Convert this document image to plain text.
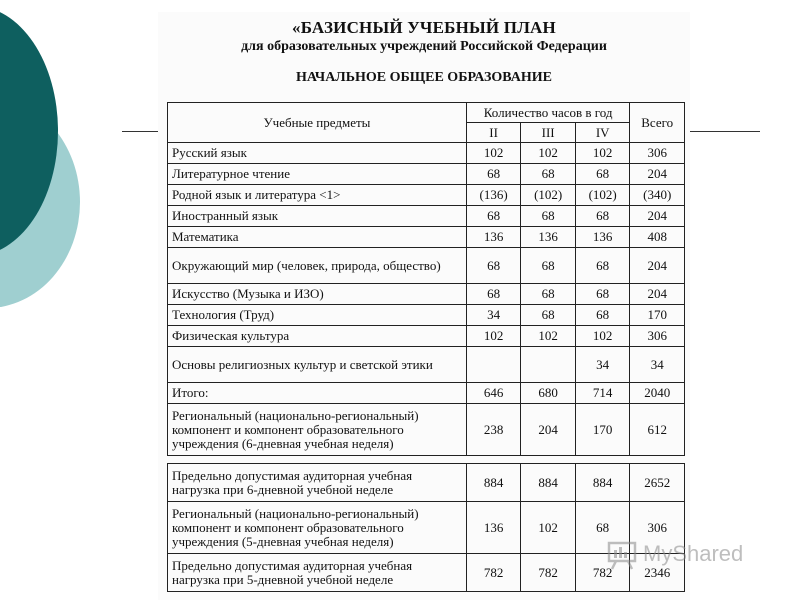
«БАЗИСНЫЙ УЧЕБНЫЙ ПЛАН
для образовательных учреждений Российской Федерации
НАЧАЛЬНОЕ ОБЩЕЕ ОБРАЗОВАНИЕ
Учебные предметы	Количество часов в год			Всего
	II	III	IV	
Русский язык	102	102	102	306
Литературное чтение	68	68	68	204
Родной язык и литература <1>	(136)	(102)	(102)	(340)
Иностранный язык	68	68	68	204
Математика	136	136	136	408
Окружающий мир (человек, природа, общество)	68	68	68	204
Искусство (Музыка и ИЗО)	68	68	68	204
Технология (Труд)	34	68	68	170
Физическая культура	102	102	102	306
Основы религиозных культур и светской этики			34	34
Итого:	646	680	714	2040
Региональный (национально-региональный) компонент и компонент образовательного учреждения (6-дневная учебная неделя)	238	204	170	612
Предельно допустимая аудиторная учебная нагрузка при 6-дневной учебной неделе	884	884	884	2652
Региональный (национально-региональный) компонент и компонент образовательного учреждения (5-дневная учебная неделя)	136	102	68	306
Предельно допустимая аудиторная учебная нагрузка при 5-дневной учебной неделе	782	782	782	2346
MyShared
